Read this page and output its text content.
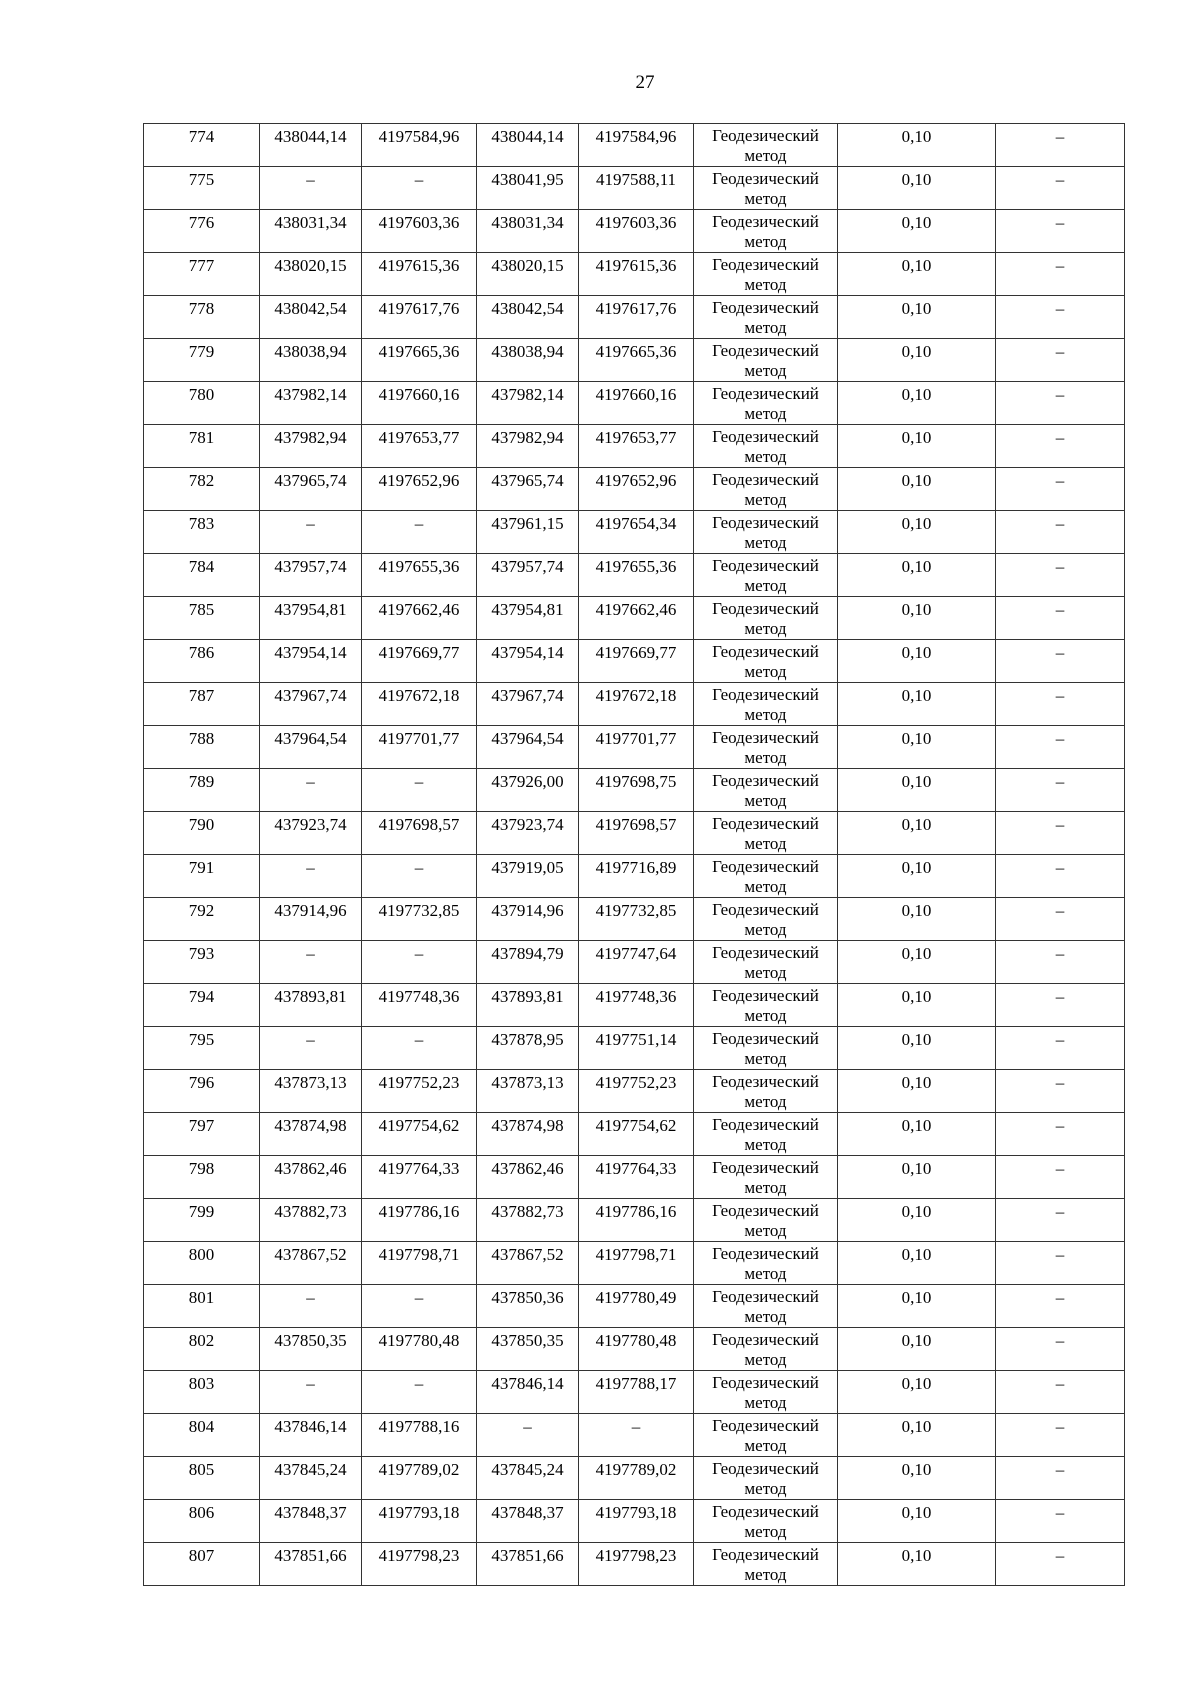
27
774	438044,14	4197584,96	438044,14	4197584,96	Геодезический метод	0,10	–

775	–	–	438041,95	4197588,11	Геодезический метод	0,10	–

776	438031,34	4197603,36	438031,34	4197603,36	Геодезический метод	0,10	–

777	438020,15	4197615,36	438020,15	4197615,36	Геодезический метод	0,10	–

778	438042,54	4197617,76	438042,54	4197617,76	Геодезический метод	0,10	–

779	438038,94	4197665,36	438038,94	4197665,36	Геодезический метод	0,10	–

780	437982,14	4197660,16	437982,14	4197660,16	Геодезический метод	0,10	–

781	437982,94	4197653,77	437982,94	4197653,77	Геодезический метод	0,10	–

782	437965,74	4197652,96	437965,74	4197652,96	Геодезический метод	0,10	–

783	–	–	437961,15	4197654,34	Геодезический метод	0,10	–

784	437957,74	4197655,36	437957,74	4197655,36	Геодезический метод	0,10	–

785	437954,81	4197662,46	437954,81	4197662,46	Геодезический метод	0,10	–

786	437954,14	4197669,77	437954,14	4197669,77	Геодезический метод	0,10	–

787	437967,74	4197672,18	437967,74	4197672,18	Геодезический метод	0,10	–

788	437964,54	4197701,77	437964,54	4197701,77	Геодезический метод	0,10	–

789	–	–	437926,00	4197698,75	Геодезический метод	0,10	–

790	437923,74	4197698,57	437923,74	4197698,57	Геодезический метод	0,10	–

791	–	–	437919,05	4197716,89	Геодезический метод	0,10	–

792	437914,96	4197732,85	437914,96	4197732,85	Геодезический метод	0,10	–

793	–	–	437894,79	4197747,64	Геодезический метод	0,10	–

794	437893,81	4197748,36	437893,81	4197748,36	Геодезический метод	0,10	–

795	–	–	437878,95	4197751,14	Геодезический метод	0,10	–

796	437873,13	4197752,23	437873,13	4197752,23	Геодезический метод	0,10	–

797	437874,98	4197754,62	437874,98	4197754,62	Геодезический метод	0,10	–

798	437862,46	4197764,33	437862,46	4197764,33	Геодезический метод	0,10	–

799	437882,73	4197786,16	437882,73	4197786,16	Геодезический метод	0,10	–

800	437867,52	4197798,71	437867,52	4197798,71	Геодезический метод	0,10	–

801	–	–	437850,36	4197780,49	Геодезический метод	0,10	–

802	437850,35	4197780,48	437850,35	4197780,48	Геодезический метод	0,10	–

803	–	–	437846,14	4197788,17	Геодезический метод	0,10	–

804	437846,14	4197788,16	–	–	Геодезический метод	0,10	–

805	437845,24	4197789,02	437845,24	4197789,02	Геодезический метод	0,10	–

806	437848,37	4197793,18	437848,37	4197793,18	Геодезический метод	0,10	–

807	437851,66	4197798,23	437851,66	4197798,23	Геодезический метод	0,10	–
